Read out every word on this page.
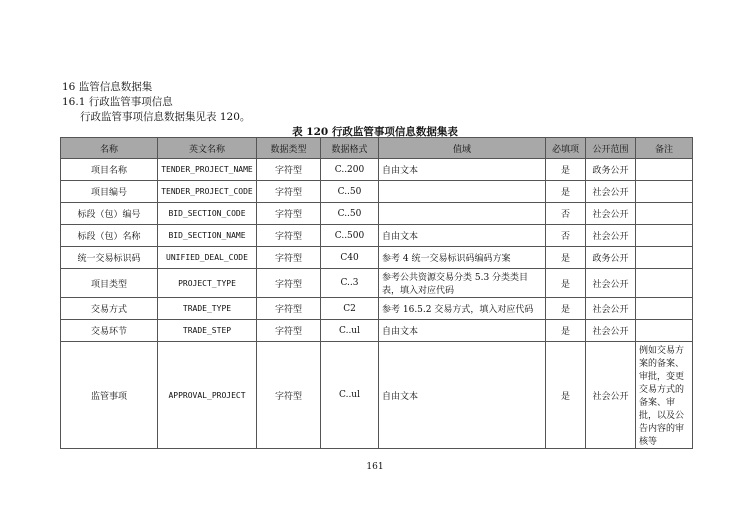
16 监管信息数据集
16.1 行政监管事项信息
行政监管事项信息数据集见表 120。
表 120 行政监管事项信息数据集表
名称	英文名称	数据类型	数据格式	值域	必填项	公开范围	备注
项目名称	TENDER_PROJECT_NAME	字符型	C..200	自由文本	是	政务公开	
项目编号	TENDER_PROJECT_CODE	字符型	C..50		是	社会公开	
标段（包）编号	BID_SECTION_CODE	字符型	C..50		否	社会公开	
标段（包）名称	BID_SECTION_NAME	字符型	C..500	自由文本	否	社会公开	
统一交易标识码	UNIFIED_DEAL_CODE	字符型	C40	参考 4 统一交易标识码编码方案	是	政务公开	
项目类型	PROJECT_TYPE	字符型	C..3	参考公共资源交易分类 5.3 分类类目表，填入对应代码	是	社会公开	
交易方式	TRADE_TYPE	字符型	C2	参考 16.5.2 交易方式，填入对应代码	是	社会公开	
交易环节	TRADE_STEP	字符型	C..ul	自由文本	是	社会公开	
监管事项	APPROVAL_PROJECT	字符型	C..ul	自由文本	是	社会公开	例如交易方案的备案、审批，变更交易方式的备案、审批，以及公告内容的审核等
161
